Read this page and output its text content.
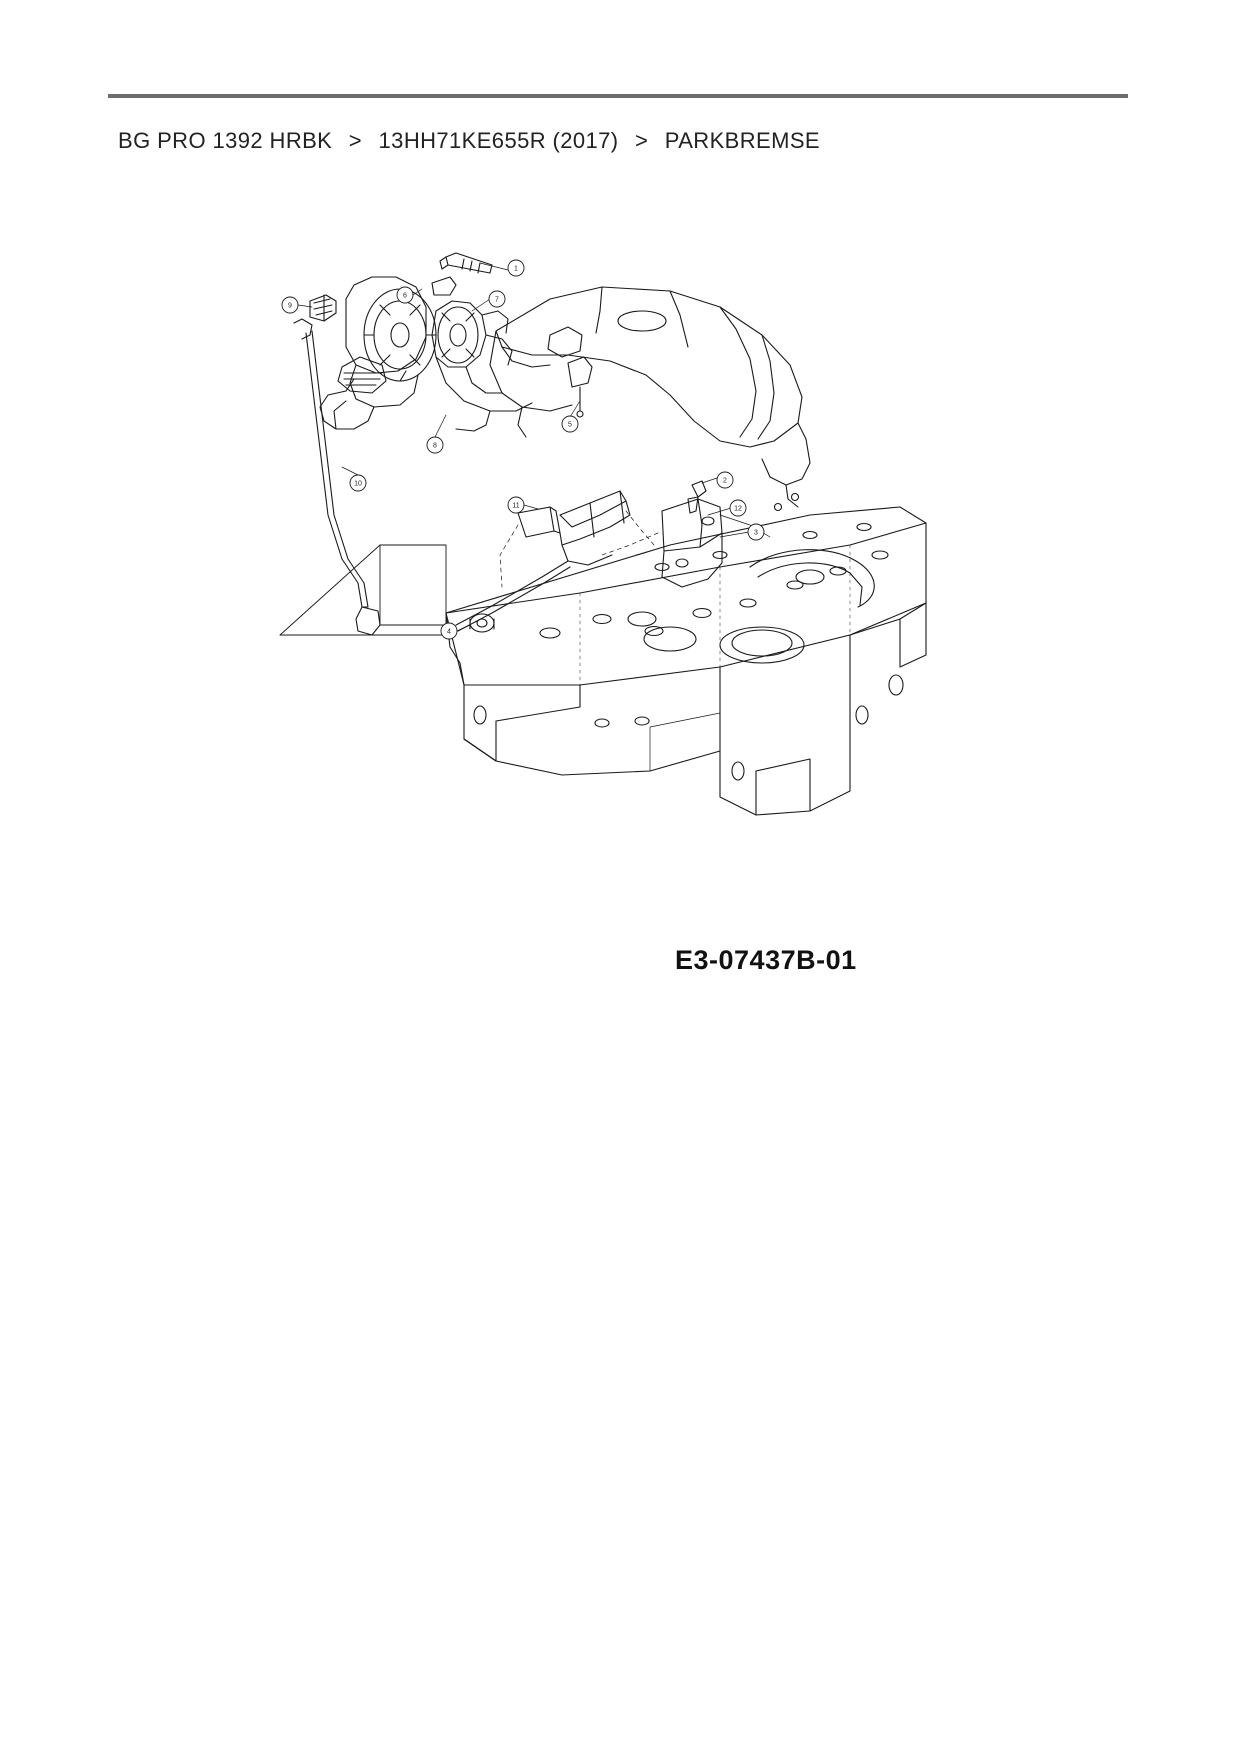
BG PRO 1392 HRBK > 13HH71KE655R (2017) > PARKBREMSE
1
7
6
9
5
8
10
11
2
12
3
4
E3-07437B-01
